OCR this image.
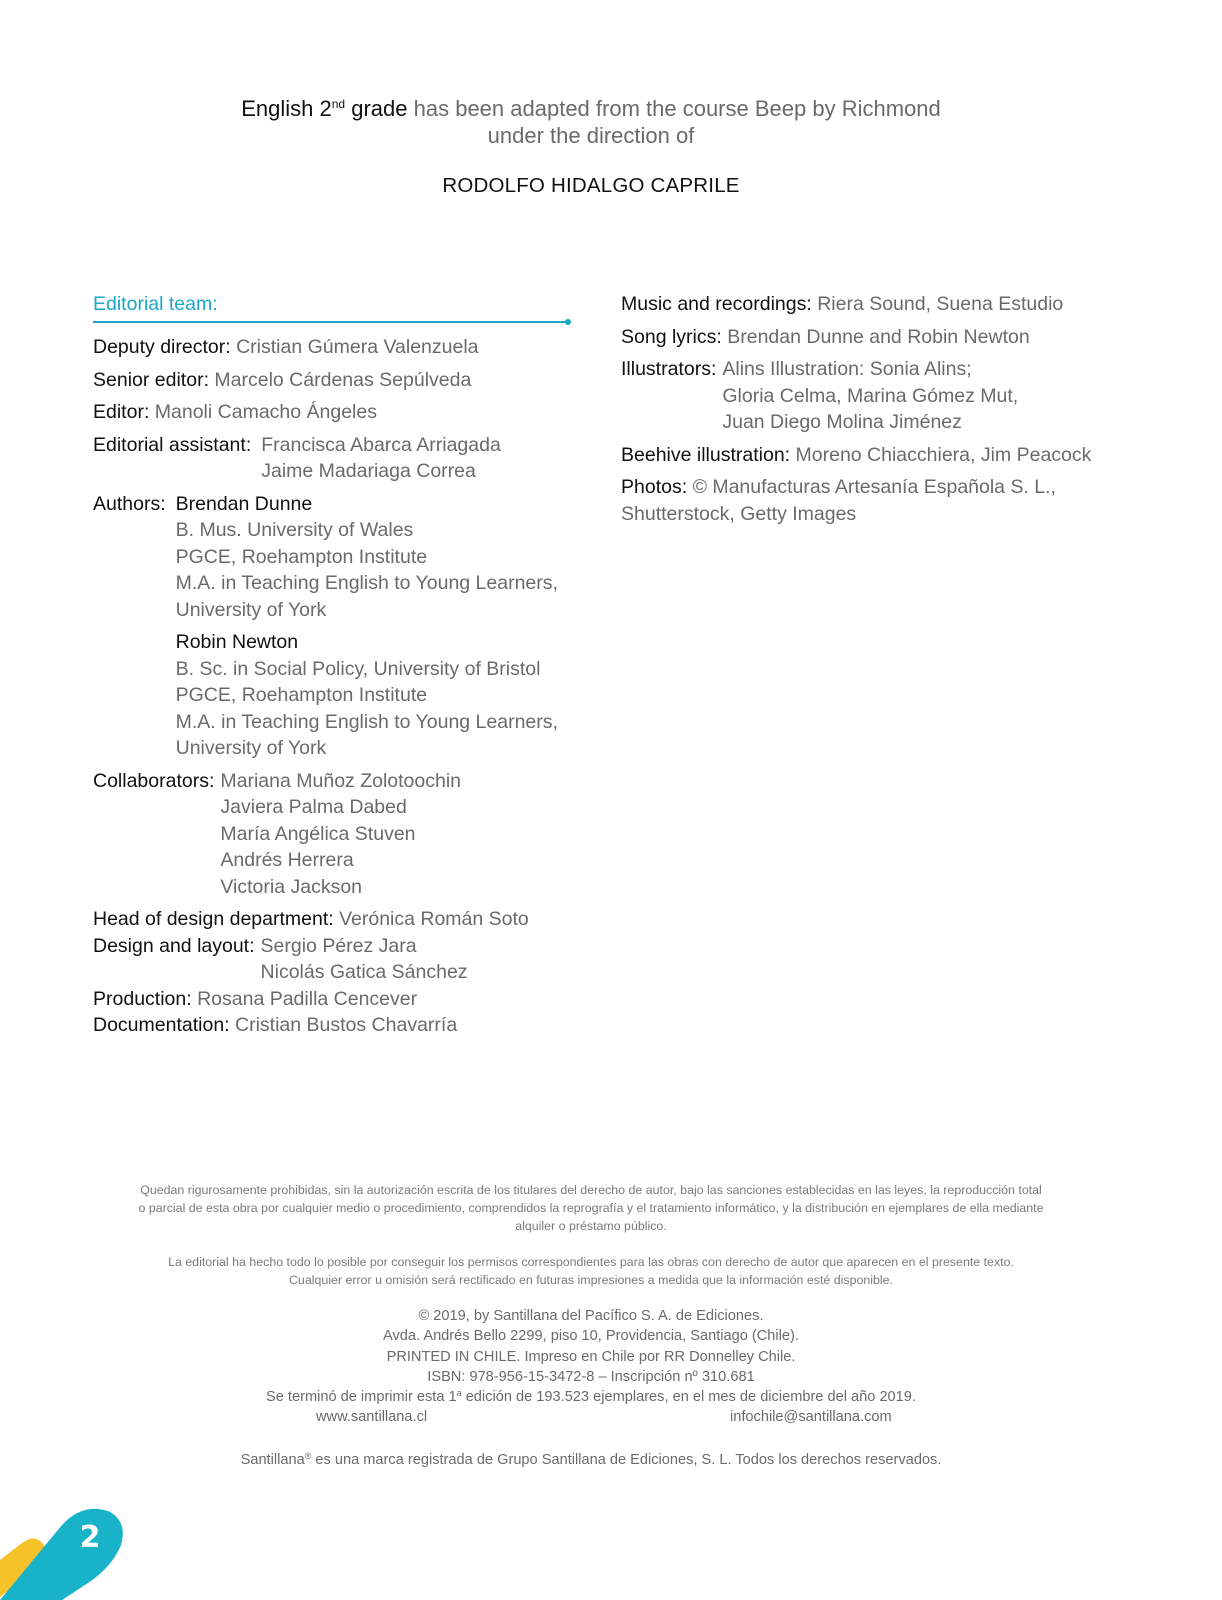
English 2nd grade has been adapted from the course Beep by Richmond
under the direction of
RODOLFO HIDALGO CAPRILE
Editorial team:
Deputy director: Cristian Gúmera Valenzuela
Senior editor: Marcelo Cárdenas Sepúlveda
Editor: Manoli Camacho Ángeles
Editorial assistant: Francisca Abarca Arriagada
Jaime Madariaga Correa
Authors: Brendan Dunne
B. Mus. University of Wales
PGCE, Roehampton Institute
M.A. in Teaching English to Young Learners,
University of York
Robin Newton
B. Sc. in Social Policy, University of Bristol
PGCE, Roehampton Institute
M.A. in Teaching English to Young Learners,
University of York
Collaborators: Mariana Muñoz Zolotoochin
Javiera Palma Dabed
María Angélica Stuven
Andrés Herrera
Victoria Jackson
Head of design department: Verónica Román Soto
Design and layout: Sergio Pérez Jara
Nicolás Gatica Sánchez
Production: Rosana Padilla Cencever
Documentation: Cristian Bustos Chavarría
Music and recordings: Riera Sound, Suena Estudio
Song lyrics: Brendan Dunne and Robin Newton
Illustrators: Alins Illustration: Sonia Alins;
Gloria Celma, Marina Gómez Mut,
Juan Diego Molina Jiménez
Beehive illustration: Moreno Chiacchiera, Jim Peacock
Photos: © Manufacturas Artesanía Española S. L.,
Shutterstock, Getty Images
Quedan rigurosamente prohibidas, sin la autorización escrita de los titulares del derecho de autor, bajo las sanciones establecidas en las leyes, la reproducción total
o parcial de esta obra por cualquier medio o procedimiento, comprendidos la reprografía y el tratamiento informático, y la distribución en ejemplares de ella mediante
alquiler o préstamo público.
La editorial ha hecho todo lo posible por conseguir los permisos correspondientes para las obras con derecho de autor que aparecen en el presente texto.
Cualquier error u omisión será rectificado en futuras impresiones a medida que la información esté disponible.
© 2019, by Santillana del Pacífico S. A. de Ediciones.
Avda. Andrés Bello 2299, piso 10, Providencia, Santiago (Chile).
PRINTED IN CHILE. Impreso en Chile por RR Donnelley Chile.
ISBN: 978-956-15-3472-8 – Inscripción nº 310.681
Se terminó de imprimir esta 1$^a$ edición de 193.523 ejemplares, en el mes de diciembre del año 2019.
www.santillana.cl	infochile@santillana.com
Santillana® es una marca registrada de Grupo Santillana de Ediciones, S. L. Todos los derechos reservados.
2
